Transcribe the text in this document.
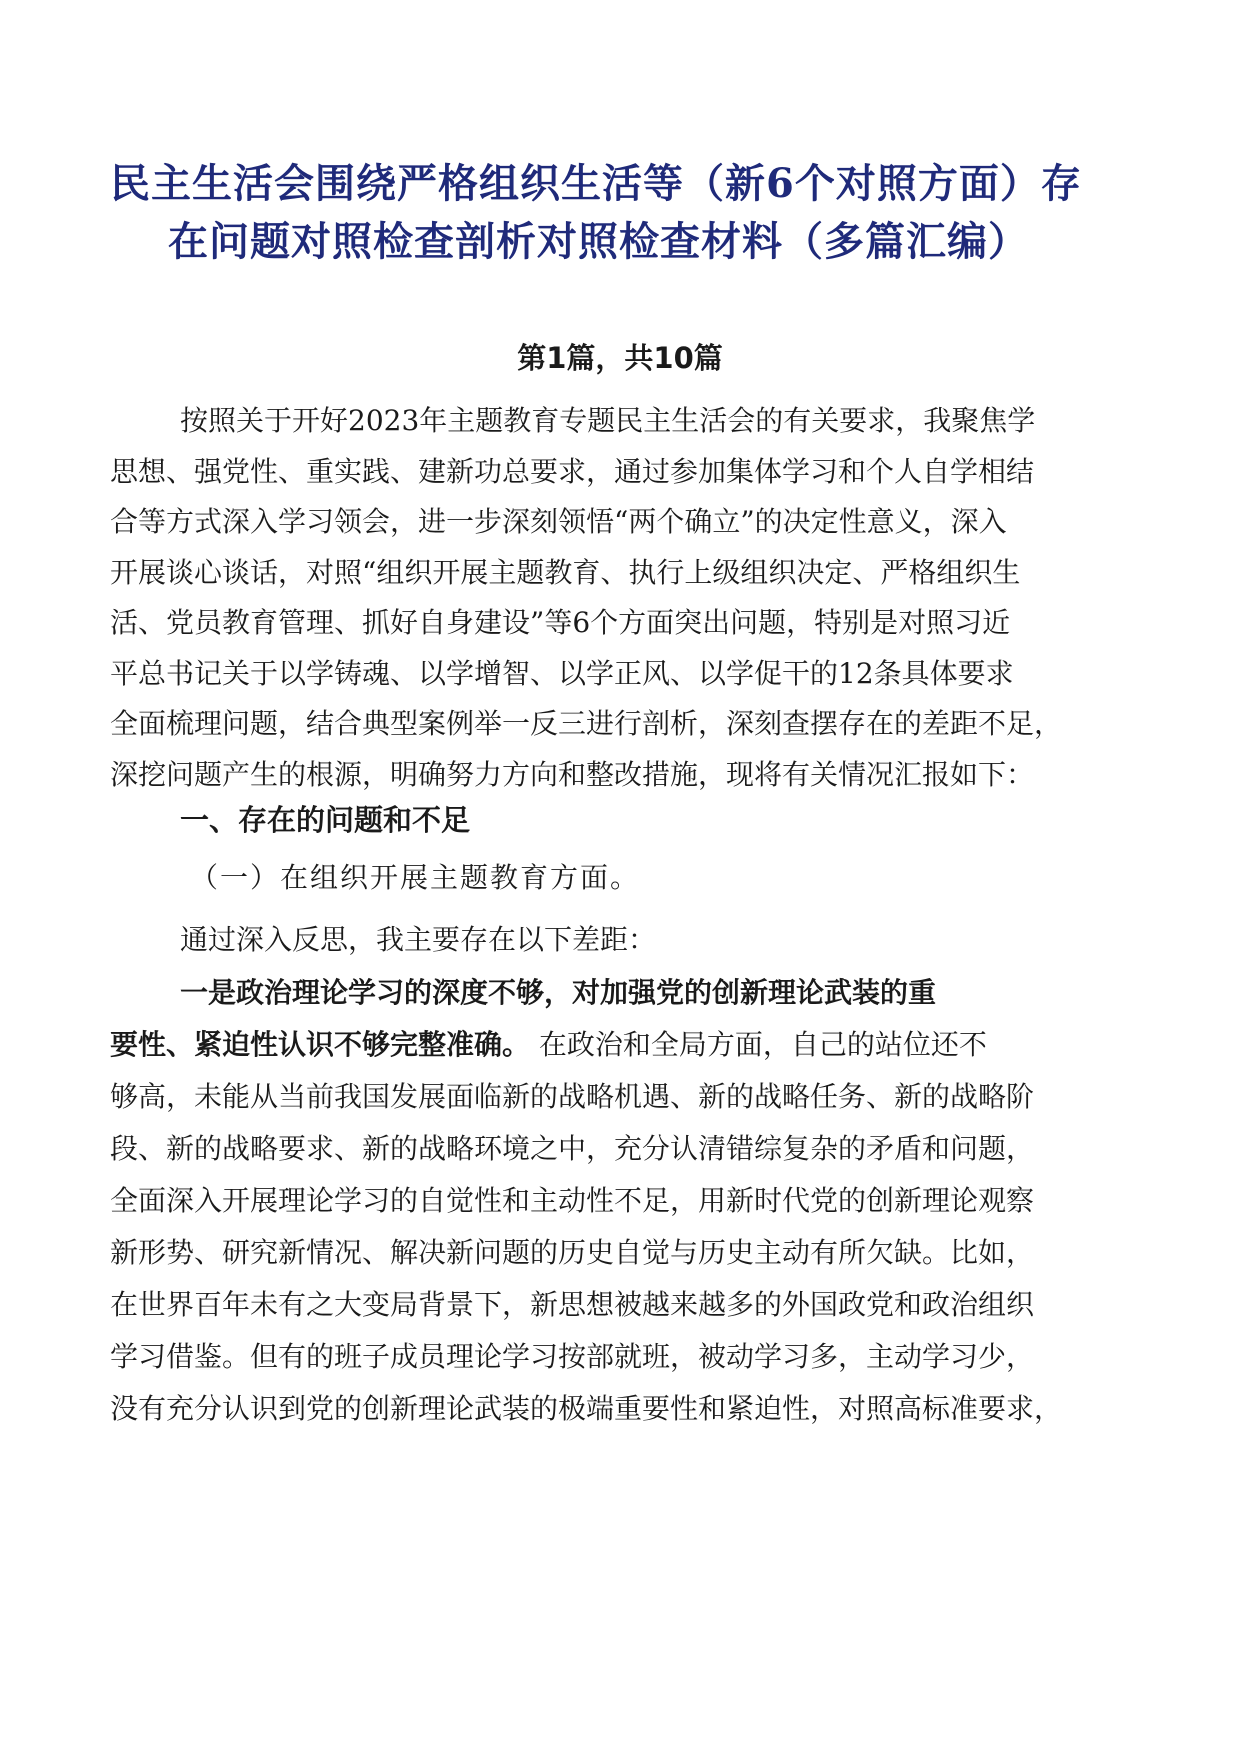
民主生活会围绕严格组织生活等（新6个对照方面）存
在问题对照检查剖析对照检查材料（多篇汇编）
第1篇，共10篇
按照关于开好2023年主题教育专题民主生活会的有关要求，我聚焦学
思想、强党性、重实践、建新功总要求，通过参加集体学习和个人自学相结
合等方式深入学习领会，进一步深刻领悟“两个确立”的决定性意义，深入
开展谈心谈话，对照“组织开展主题教育、执行上级组织决定、严格组织生
活、党员教育管理、抓好自身建设”等6个方面突出问题，特别是对照习近
平总书记关于以学铸魂、以学增智、以学正风、以学促干的12条具体要求
全面梳理问题，结合典型案例举一反三进行剖析，深刻查摆存在的差距不足，
深挖问题产生的根源，明确努力方向和整改措施，现将有关情况汇报如下：
一、存在的问题和不足

（一）在组织开展主题教育方面。

通过深入反思，我主要存在以下差距：

一是政治理论学习的深度不够，对加强党的创新理论武装的重
要性、紧迫性认识不够完整准确。 在政治和全局方面，自己的站位还不
够高，未能从当前我国发展面临新的战略机遇、新的战略任务、新的战略阶
段、新的战略要求、新的战略环境之中，充分认清错综复杂的矛盾和问题，
全面深入开展理论学习的自觉性和主动性不足，用新时代党的创新理论观察
新形势、研究新情况、解决新问题的历史自觉与历史主动有所欠缺。比如，
在世界百年未有之大变局背景下，新思想被越来越多的外国政党和政治组织
学习借鉴。但有的班子成员理论学习按部就班，被动学习多，主动学习少，
没有充分认识到党的创新理论武装的极端重要性和紧迫性，对照高标准要求，
